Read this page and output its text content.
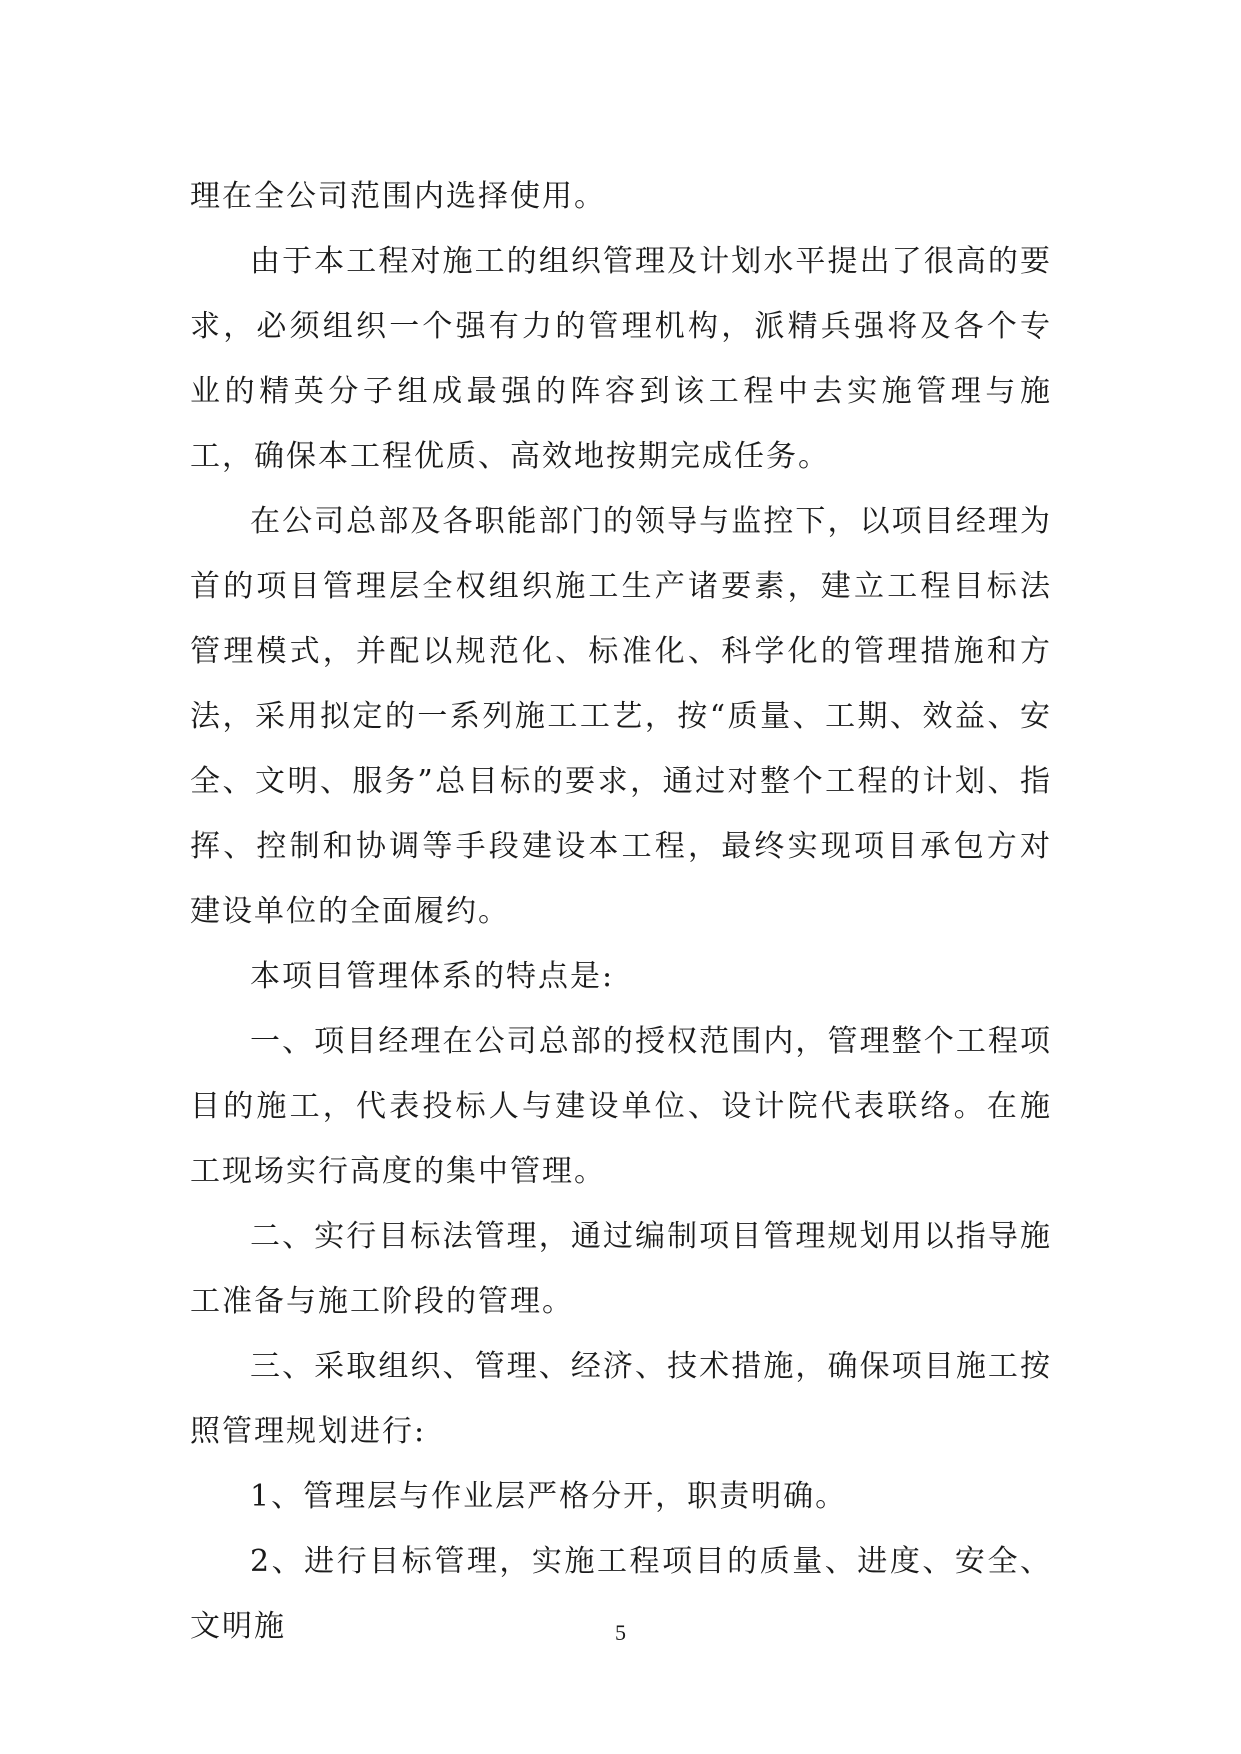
理在全公司范围内选择使用。

由于本工程对施工的组织管理及计划水平提出了很高的要求，必须组织一个强有力的管理机构，派精兵强将及各个专业的精英分子组成最强的阵容到该工程中去实施管理与施工，确保本工程优质、高效地按期完成任务。

在公司总部及各职能部门的领导与监控下，以项目经理为首的项目管理层全权组织施工生产诸要素，建立工程目标法管理模式，并配以规范化、标准化、科学化的管理措施和方法，采用拟定的一系列施工工艺，按“质量、工期、效益、安全、文明、服务”总目标的要求，通过对整个工程的计划、指挥、控制和协调等手段建设本工程，最终实现项目承包方对建设单位的全面履约。

本项目管理体系的特点是:

一、项目经理在公司总部的授权范围内，管理整个工程项目的施工，代表投标人与建设单位、设计院代表联络。在施工现场实行高度的集中管理。

二、实行目标法管理，通过编制项目管理规划用以指导施工准备与施工阶段的管理。

三、采取组织、管理、经济、技术措施，确保项目施工按照管理规划进行:

1、管理层与作业层严格分开，职责明确。

2、进行目标管理，实施工程项目的质量、进度、安全、文明施	5
